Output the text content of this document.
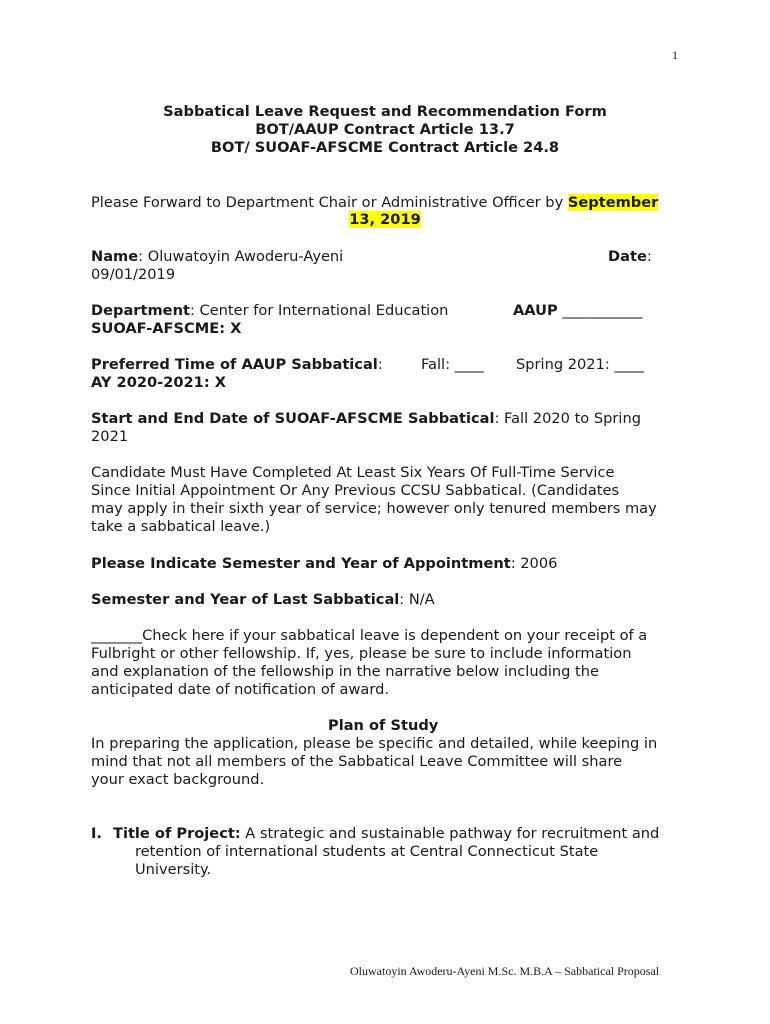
1
Sabbatical Leave Request and Recommendation Form
BOT/AAUP Contract Article 13.7
BOT/ SUOAF-AFSCME Contract Article 24.8
Please Forward to Department Chair or Administrative Officer by September
13, 2019
Name: Oluwatoyin Awoderu-Ayeni	Date:
09/01/2019
Department: Center for International Education	AAUP ___________
SUOAF-AFSCME: X
Preferred Time of AAUP Sabbatical:	Fall: ____ Spring 2021: ____
AY 2020-2021: X
Start and End Date of SUOAF-AFSCME Sabbatical: Fall 2020 to Spring
2021
Candidate Must Have Completed At Least Six Years Of Full-Time Service
Since Initial Appointment Or Any Previous CCSU Sabbatical. (Candidates
may apply in their sixth year of service; however only tenured members may
take a sabbatical leave.)
Please Indicate Semester and Year of Appointment: 2006
Semester and Year of Last Sabbatical: N/A
_______Check here if your sabbatical leave is dependent on your receipt of a
Fulbright or other fellowship. If, yes, please be sure to include information
and explanation of the fellowship in the narrative below including the
anticipated date of notification of award.
Plan of Study
In preparing the application, please be specific and detailed, while keeping in
mind that not all members of the Sabbatical Leave Committee will share
your exact background.
I. Title of Project: A strategic and sustainable pathway for recruitment and
retention of international students at Central Connecticut State
University.
Oluwatoyin Awoderu-Ayeni M.Sc. M.B.A – Sabbatical Proposal
